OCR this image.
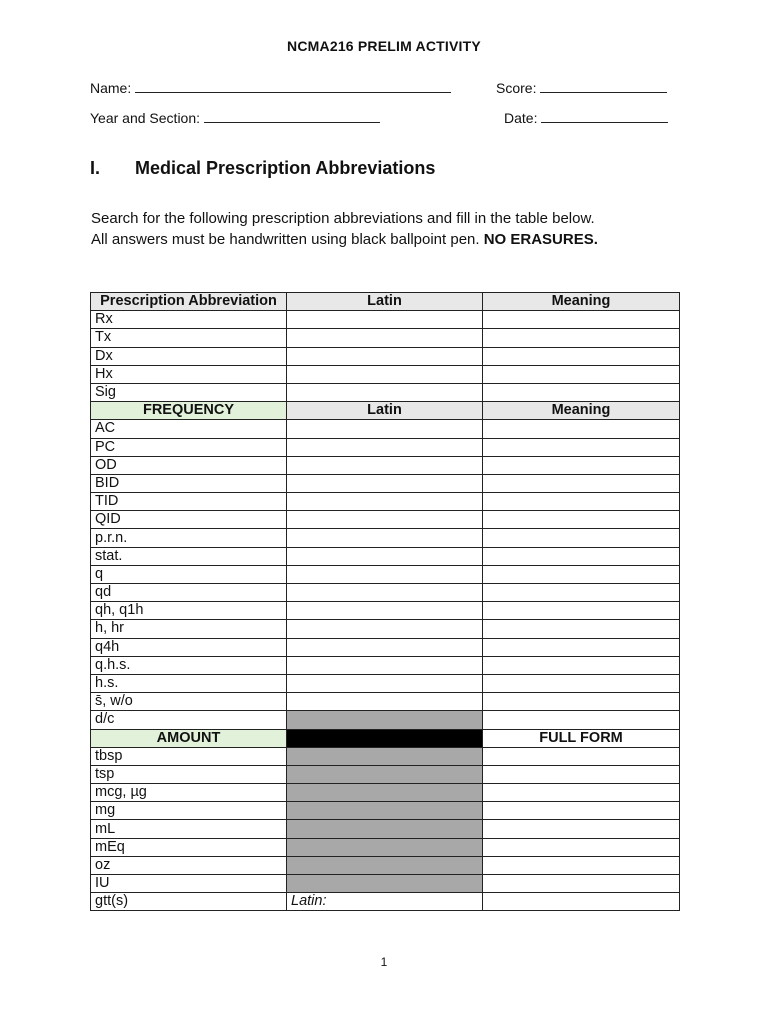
NCMA216 PRELIM ACTIVITY
Name:	Score:
Year and Section:	Date:
I. Medical Prescription Abbreviations
Search for the following prescription abbreviations and fill in the table below.
All answers must be handwritten using black ballpoint pen. NO ERASURES.
Prescription Abbreviation	Latin	Meaning
Rx		
Tx		
Dx		
Hx		
Sig		
FREQUENCY	Latin	Meaning
AC		
PC		
OD		
BID		
TID		
QID		
p.r.n.		
stat.		
q		
qd		
qh, q1h		
h, hr		
q4h		
q.h.s.		
h.s.		
s̄, w/o		
d/c		
AMOUNT		FULL FORM
tbsp		
tsp		
mcg, µg		
mg		
mL		
mEq		
oz		
IU		
gtt(s)	Latin:	
1
